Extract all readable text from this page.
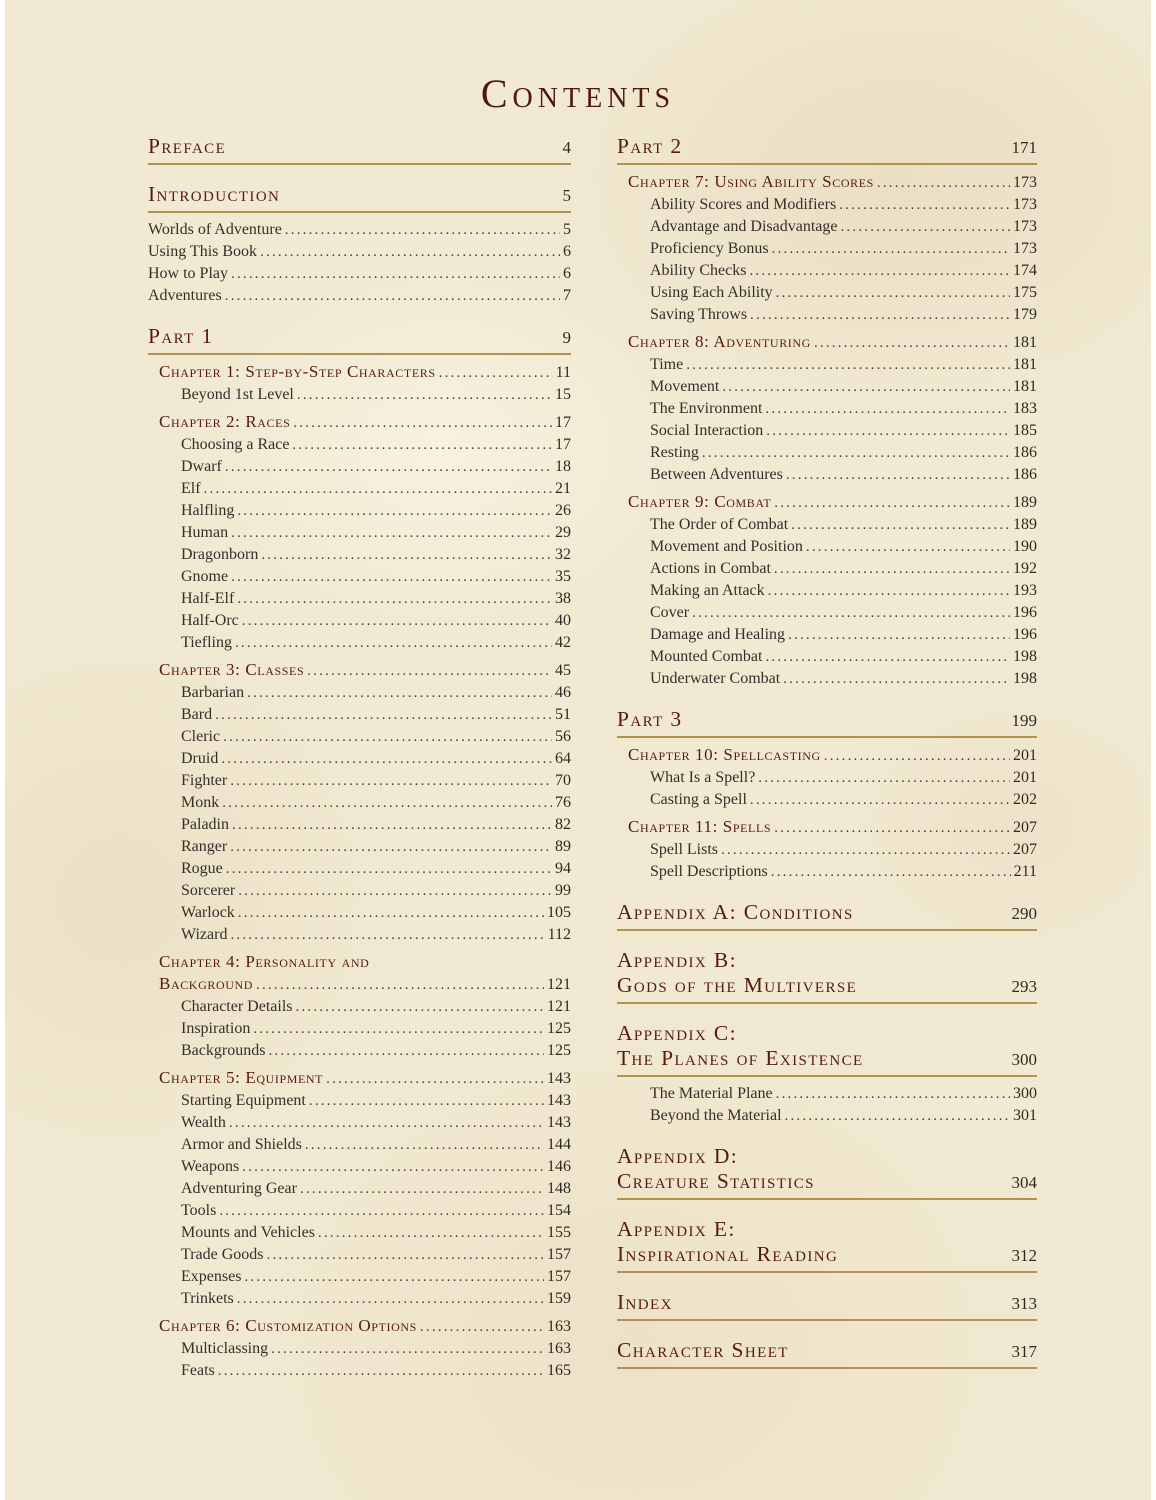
Contents
Preface	4
Introduction	5
Worlds of Adventure .....	5
Using This Book .....	6
How to Play .....	6
Adventures .....	7
Part 1	9
Chapter 1: Step-by-Step Characters .....	11
Beyond 1st Level .....	15
Chapter 2: Races .....	17
Choosing a Race .....	17
Dwarf .....	18
Elf .....	21
Halfling .....	26
Human .....	29
Dragonborn .....	32
Gnome .....	35
Half-Elf .....	38
Half-Orc .....	40
Tiefling .....	42
Chapter 3: Classes .....	45
Barbarian .....	46
Bard .....	51
Cleric .....	56
Druid .....	64
Fighter .....	70
Monk .....	76
Paladin .....	82
Ranger .....	89
Rogue .....	94
Sorcerer .....	99
Warlock .....	105
Wizard .....	112
Chapter 4: Personality and
Background .....	121
Character Details .....	121
Inspiration .....	125
Backgrounds .....	125
Chapter 5: Equipment .....	143
Starting Equipment .....	143
Wealth .....	143
Armor and Shields .....	144
Weapons .....	146
Adventuring Gear .....	148
Tools .....	154
Mounts and Vehicles .....	155
Trade Goods .....	157
Expenses .....	157
Trinkets .....	159
Chapter 6: Customization Options .....	163
Multiclassing .....	163
Feats .....	165
Part 2	171
Chapter 7: Using Ability Scores .....	173
Ability Scores and Modifiers .....	173
Advantage and Disadvantage .....	173
Proficiency Bonus .....	173
Ability Checks .....	174
Using Each Ability .....	175
Saving Throws .....	179
Chapter 8: Adventuring .....	181
Time .....	181
Movement .....	181
The Environment .....	183
Social Interaction .....	185
Resting .....	186
Between Adventures .....	186
Chapter 9: Combat .....	189
The Order of Combat .....	189
Movement and Position .....	190
Actions in Combat .....	192
Making an Attack .....	193
Cover .....	196
Damage and Healing .....	196
Mounted Combat .....	198
Underwater Combat .....	198
Part 3	199
Chapter 10: Spellcasting .....	201
What Is a Spell? .....	201
Casting a Spell .....	202
Chapter 11: Spells .....	207
Spell Lists .....	207
Spell Descriptions .....	211
Appendix A: Conditions	290
Appendix B:
Gods of the Multiverse	293
Appendix C:
The Planes of Existence	300
The Material Plane .....	300
Beyond the Material .....	301
Appendix D:
Creature Statistics	304
Appendix E:
Inspirational Reading	312
Index	313
Character Sheet	317
